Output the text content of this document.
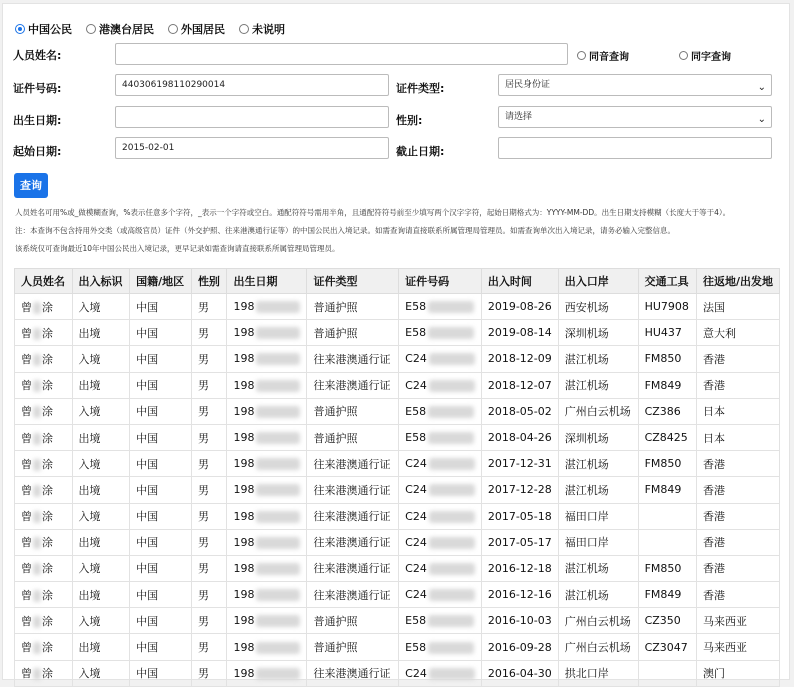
中国公民 港澳台居民 外国居民 未说明
人员姓名:	同音查询	同字查询
证件号码:	440306198110290014	证件类型:	居民身份证	⌄
出生日期:	性别:	请选择	⌄
起始日期:	2015-02-01	截止日期:
查询
人员姓名可用%或_做模糊查询，%表示任意多个字符，_表示一个字符或空白。通配符符号需用半角，且通配符符号前至少填写两个汉字字符，起始日期格式为：YYYY-MM-DD。出生日期支持模糊（长度大于等于4）。
注：本查询不包含持用外交类（或高级官员）证件（外交护照、往来港澳通行证等）的中国公民出入境记录。如需查询请直接联系所属管理局管理员。如需查询单次出入境记录，请务必输入完整信息。
该系统仅可查询最近10年中国公民出入境记录，更早记录如需查询请直接联系所属管理局管理员。
人员姓名	出入标识	国籍/地区	性别	出生日期	证件类型	证件号码	出入时间	出入口岸	交通工具	往返地/出发地
曾 涂	入境	中国	男	198	普通护照	E58	2019-08-26	西安机场	HU7908	法国
曾 涂	出境	中国	男	198	普通护照	E58	2019-08-14	深圳机场	HU437	意大利
曾 涂	入境	中国	男	198	往来港澳通行证	C24	2018-12-09	湛江机场	FM850	香港
曾 涂	出境	中国	男	198	往来港澳通行证	C24	2018-12-07	湛江机场	FM849	香港
曾 涂	入境	中国	男	198	普通护照	E58	2018-05-02	广州白云机场	CZ386	日本
曾 涂	出境	中国	男	198	普通护照	E58	2018-04-26	深圳机场	CZ8425	日本
曾 涂	入境	中国	男	198	往来港澳通行证	C24	2017-12-31	湛江机场	FM850	香港
曾 涂	出境	中国	男	198	往来港澳通行证	C24	2017-12-28	湛江机场	FM849	香港
曾 涂	入境	中国	男	198	往来港澳通行证	C24	2017-05-18	福田口岸		香港
曾 涂	出境	中国	男	198	往来港澳通行证	C24	2017-05-17	福田口岸		香港
曾 涂	入境	中国	男	198	往来港澳通行证	C24	2016-12-18	湛江机场	FM850	香港
曾 涂	出境	中国	男	198	往来港澳通行证	C24	2016-12-16	湛江机场	FM849	香港
曾 涂	入境	中国	男	198	普通护照	E58	2016-10-03	广州白云机场	CZ350	马来西亚
曾 涂	出境	中国	男	198	普通护照	E58	2016-09-28	广州白云机场	CZ3047	马来西亚
曾 涂	入境	中国	男	198	往来港澳通行证	C24	2016-04-30	拱北口岸		澳门
